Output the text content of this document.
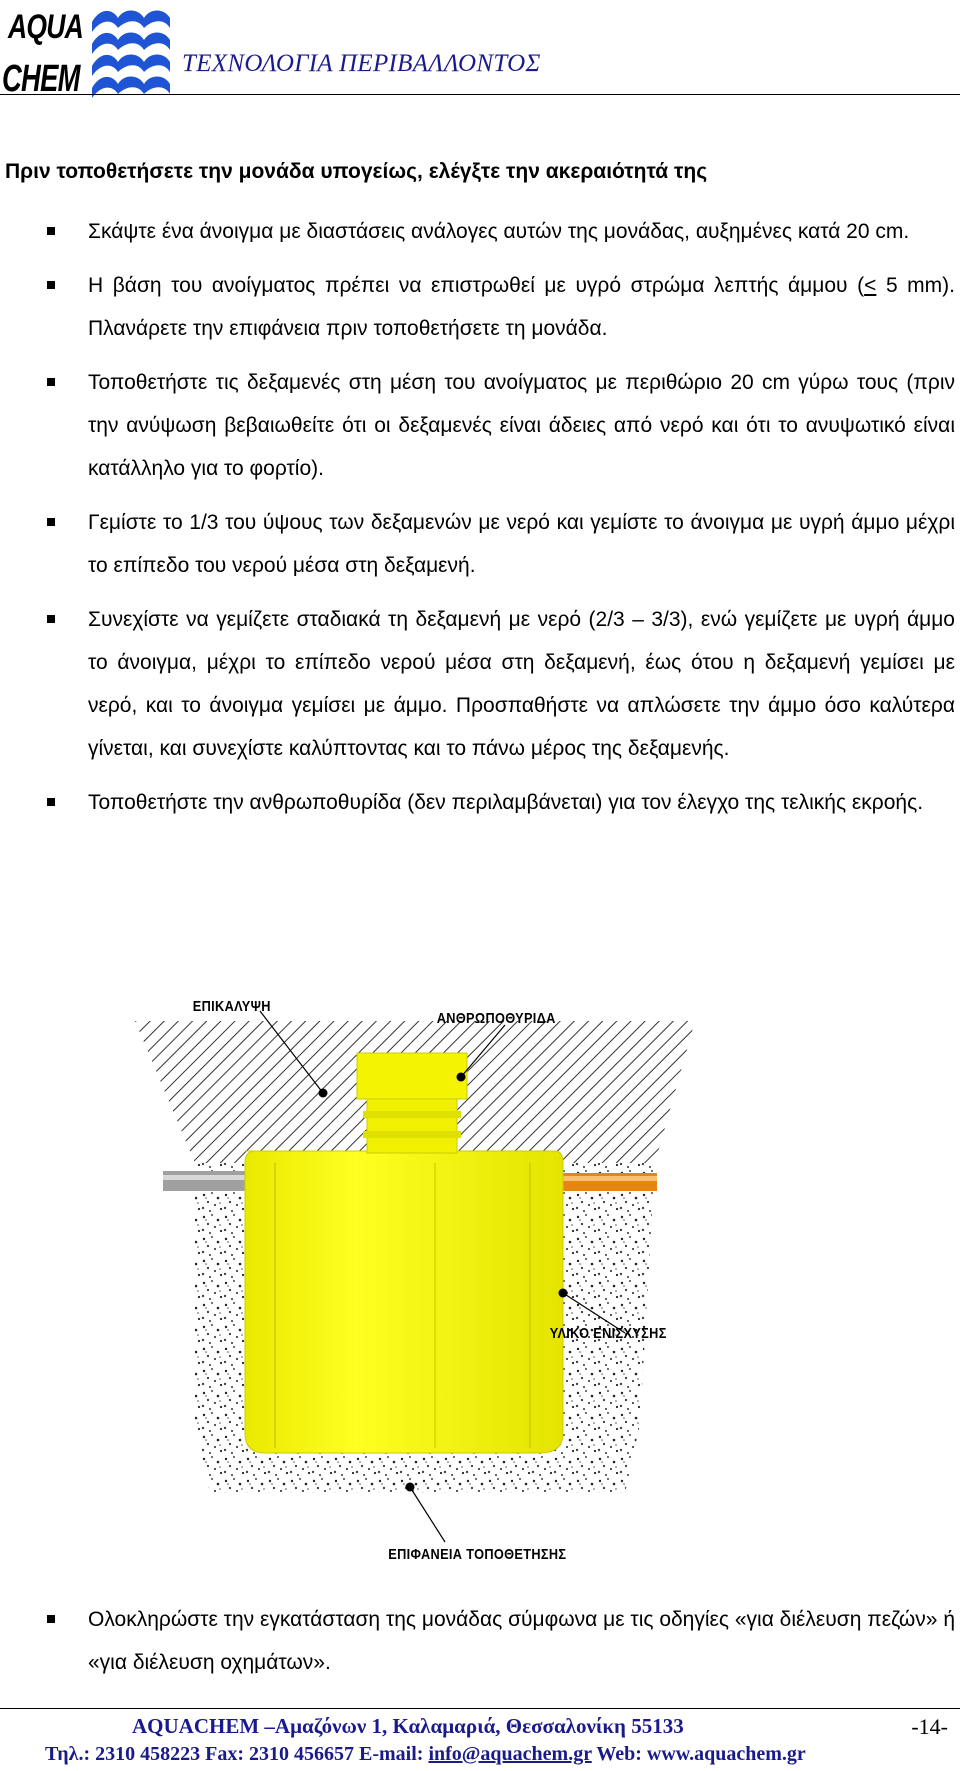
AQUA
CHEM	ΤΕΧΝΟΛΟΓΙΑ ΠΕΡΙΒΑΛΛΟΝΤΟΣ
Πριν τοποθετήσετε την μονάδα υπογείως, ελέγξτε την ακεραιότητά της
Σκάψτε ένα άνοιγμα με διαστάσεις ανάλογες αυτών της μονάδας, αυξημένες κατά 20 cm.
Η βάση του ανοίγματος πρέπει να επιστρωθεί με υγρό στρώμα λεπτής άμμου (≤ 5 mm). Πλανάρετε την επιφάνεια πριν τοποθετήσετε τη μονάδα.
Τοποθετήστε τις δεξαμενές στη μέση του ανοίγματος με περιθώριο 20 cm γύρω τους (πριν την ανύψωση βεβαιωθείτε ότι οι δεξαμενές είναι άδειες από νερό και ότι το ανυψωτικό είναι κατάλληλο για το φορτίο).
Γεμίστε το 1/3 του ύψους των δεξαμενών με νερό και γεμίστε το άνοιγμα με υγρή άμμο μέχρι το επίπεδο του νερού μέσα στη δεξαμενή.
Συνεχίστε να γεμίζετε σταδιακά τη δεξαμενή με νερό (2/3 – 3/3), ενώ γεμίζετε με υγρή άμμο το άνοιγμα, μέχρι το επίπεδο νερού μέσα στη δεξαμενή, έως ότου η δεξαμενή γεμίσει με νερό, και το άνοιγμα γεμίσει με άμμο. Προσπαθήστε να απλώσετε την άμμο όσο καλύτερα γίνεται, και συνεχίστε καλύπτοντας και το πάνω μέρος της δεξαμενής.
Τοποθετήστε την ανθρωποθυρίδα (δεν περιλαμβάνεται) για τον έλεγχο της τελικής εκροής.
ΕΠΙΚΑΛΥΨΗ
ΑΝΘΡΩΠΟΘΥΡΙΔΑ
ΥΛΙΚΟ ΕΝΙΣΧΥΣΗΣ
ΕΠΙΦΑΝΕΙΑ ΤΟΠΟΘΕΤΗΣΗΣ
Ολοκληρώστε την εγκατάσταση της μονάδας σύμφωνα με τις οδηγίες «για διέλευση πεζών» ή «για διέλευση οχημάτων».
AQUACHEM –Αμαζόνων 1, Καλαμαριά, Θεσσαλονίκη 55133	-14-
Τηλ.: 2310 458223 Fax: 2310 456657 E-mail: info@aquachem.gr Web: www.aquachem.gr
